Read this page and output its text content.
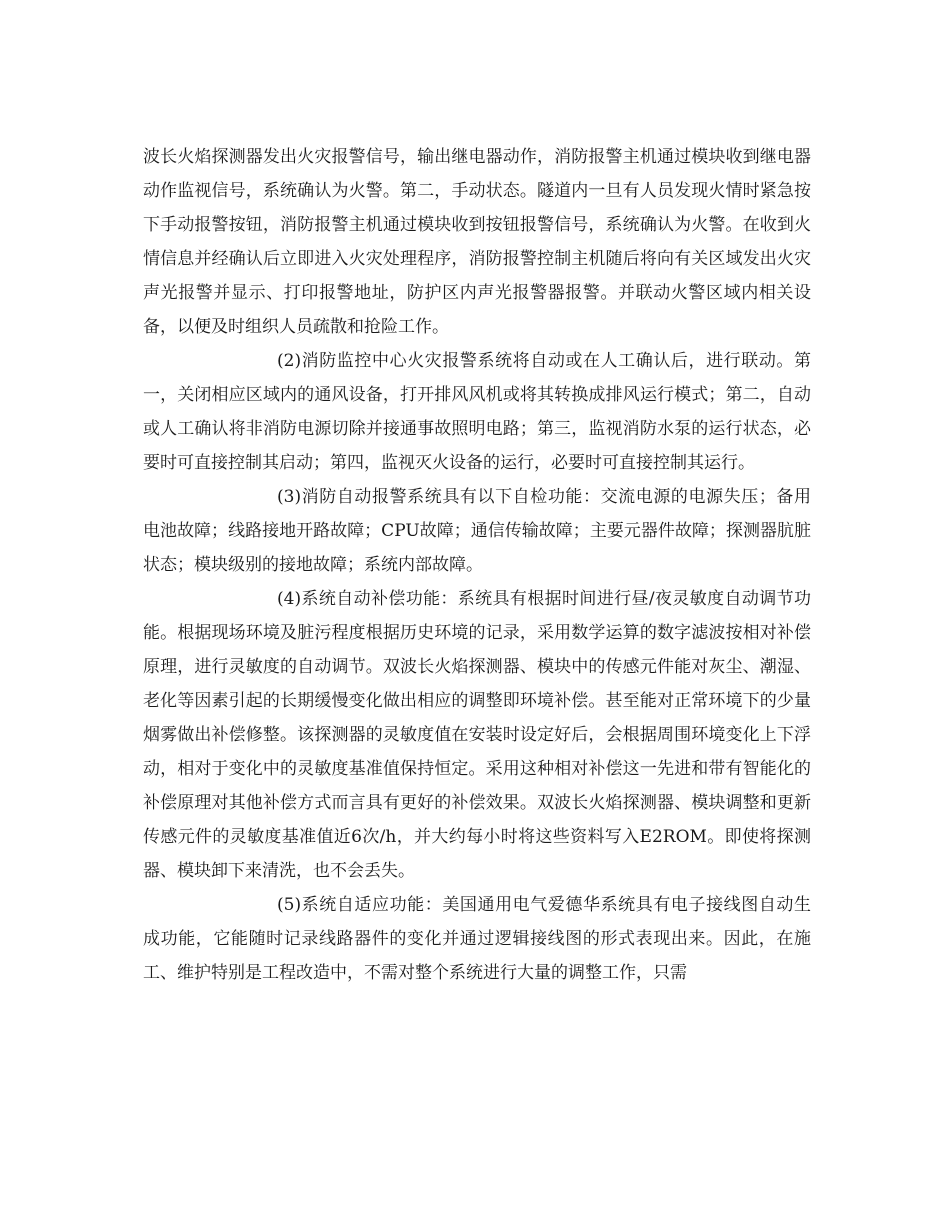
波长火焰探测器发出火灾报警信号，输出继电器动作，消防报警主机通过模块收到继电器动作监视信号，系统确认为火警。第二，手动状态。隧道内一旦有人员发现火情时紧急按下手动报警按钮，消防报警主机通过模块收到按钮报警信号，系统确认为火警。在收到火情信息并经确认后立即进入火灾处理程序，消防报警控制主机随后将向有关区域发出火灾声光报警并显示、打印报警地址，防护区内声光报警器报警。并联动火警区域内相关设备，以便及时组织人员疏散和抢险工作。

(2)消防监控中心火灾报警系统将自动或在人工确认后，进行联动。第一，关闭相应区域内的通风设备，打开排风风机或将其转换成排风运行模式；第二，自动或人工确认将非消防电源切除并接通事故照明电路；第三，监视消防水泵的运行状态，必要时可直接控制其启动；第四，监视灭火设备的运行，必要时可直接控制其运行。

(3)消防自动报警系统具有以下自检功能：交流电源的电源失压；备用电池故障；线路接地开路故障；CPU故障；通信传输故障；主要元器件故障；探测器肮脏状态；模块级别的接地故障；系统内部故障。

(4)系统自动补偿功能：系统具有根据时间进行昼/夜灵敏度自动调节功能。根据现场环境及脏污程度根据历史环境的记录，采用数学运算的数字滤波按相对补偿原理，进行灵敏度的自动调节。双波长火焰探测器、模块中的传感元件能对灰尘、潮湿、老化等因素引起的长期缓慢变化做出相应的调整即环境补偿。甚至能对正常环境下的少量烟雾做出补偿修整。该探测器的灵敏度值在安装时设定好后，会根据周围环境变化上下浮动，相对于变化中的灵敏度基准值保持恒定。采用这种相对补偿这一先进和带有智能化的补偿原理对其他补偿方式而言具有更好的补偿效果。双波长火焰探测器、模块调整和更新传感元件的灵敏度基准值近6次/h，并大约每小时将这些资料写入E2ROM。即使将探测器、模块卸下来清洗，也不会丢失。

(5)系统自适应功能：美国通用电气爱德华系统具有电子接线图自动生成功能，它能随时记录线路器件的变化并通过逻辑接线图的形式表现出来。因此，在施工、维护特别是工程改造中，不需对整个系统进行大量的调整工作，只需
